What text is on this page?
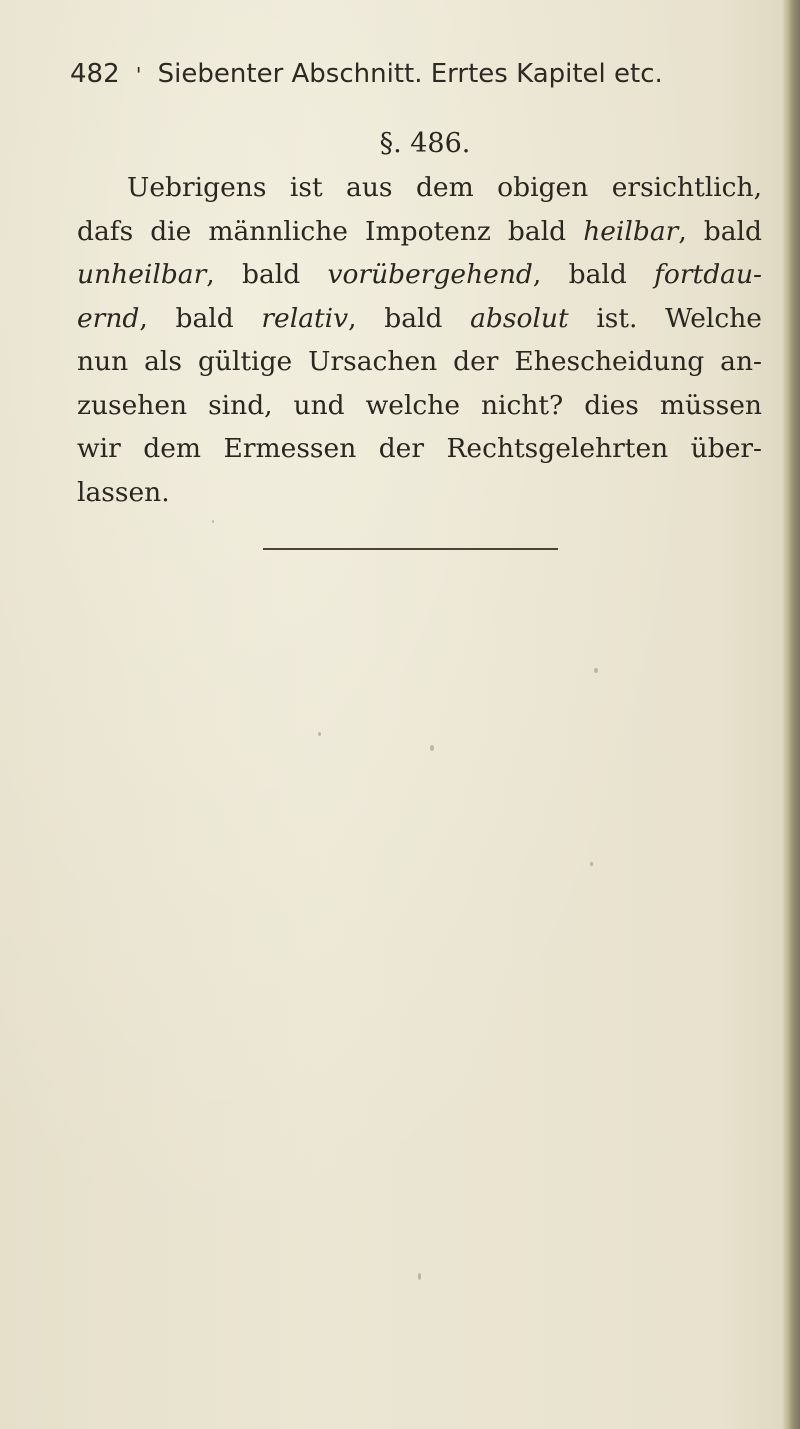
482 ' Siebenter Abschnitt. Errtes Kapitel etc.
§. 486.
Uebrigens ist aus dem obigen ersichtlich,
dafs die männliche Impotenz bald heilbar, bald
unheilbar, bald vorübergehend, bald fortdau-
ernd, bald relativ, bald absolut ist. Welche
nun als gültige Ursachen der Ehescheidung an-
zusehen sind, und welche nicht? dies müssen
wir dem Ermessen der Rechtsgelehrten über-
lassen.
